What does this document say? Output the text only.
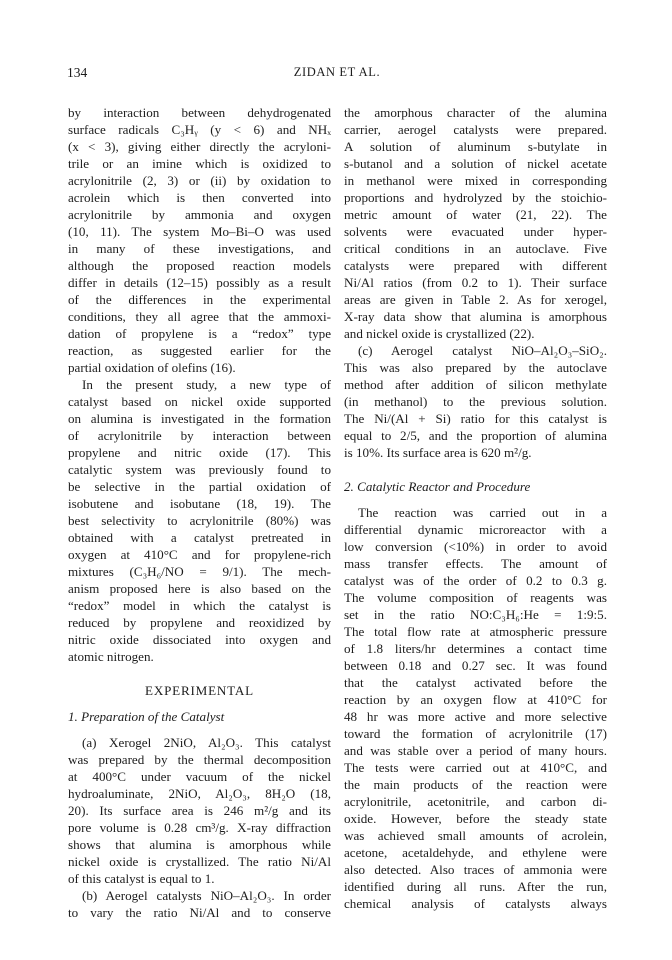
134	ZIDAN ET AL.
by interaction between dehydrogenated
surface radicals C₃Hᵧ (y < 6) and NHₓ
(x < 3), giving either directly the acryloni-
trile or an imine which is oxidized to
acrylonitrile (2, 3) or (ii) by oxidation to
acrolein which is then converted into
acrylonitrile by ammonia and oxygen
(10, 11). The system Mo–Bi–O was used
in many of these investigations, and
although the proposed reaction models
differ in details (12–15) possibly as a result
of the differences in the experimental
conditions, they all agree that the ammoxi-
dation of propylene is a “redox” type
reaction, as suggested earlier for the
partial oxidation of olefins (16).
In the present study, a new type of
catalyst based on nickel oxide supported
on alumina is investigated in the formation
of acrylonitrile by interaction between
propylene and nitric oxide (17). This
catalytic system was previously found to
be selective in the partial oxidation of
isobutene and isobutane (18, 19). The
best selectivity to acrylonitrile (80%) was
obtained with a catalyst pretreated in
oxygen at 410°C and for propylene-rich
mixtures (C₃H₆/NO = 9/1). The mech-
anism proposed here is also based on the
“redox” model in which the catalyst is
reduced by propylene and reoxidized by
nitric oxide dissociated into oxygen and
atomic nitrogen.
EXPERIMENTAL
1. Preparation of the Catalyst
(a) Xerogel 2NiO, Al₂O₃. This catalyst
was prepared by the thermal decomposition
at 400°C under vacuum of the nickel
hydroaluminate, 2NiO, Al₂O₃, 8H₂O (18,
20). Its surface area is 246 m²/g and its
pore volume is 0.28 cm³/g. X-ray diffraction
shows that alumina is amorphous while
nickel oxide is crystallized. The ratio Ni/Al
of this catalyst is equal to 1.
(b) Aerogel catalysts NiO–Al₂O₃. In order
to vary the ratio Ni/Al and to conserve
the amorphous character of the alumina
carrier, aerogel catalysts were prepared.
A solution of aluminum s-butylate in
s-butanol and a solution of nickel acetate
in methanol were mixed in corresponding
proportions and hydrolyzed by the stoichio-
metric amount of water (21, 22). The
solvents were evacuated under hyper-
critical conditions in an autoclave. Five
catalysts were prepared with different
Ni/Al ratios (from 0.2 to 1). Their surface
areas are given in Table 2. As for xerogel,
X-ray data show that alumina is amorphous
and nickel oxide is crystallized (22).
(c) Aerogel catalyst NiO–Al₂O₃–SiO₂.
This was also prepared by the autoclave
method after addition of silicon methylate
(in methanol) to the previous solution.
The Ni/(Al + Si) ratio for this catalyst is
equal to 2/5, and the proportion of alumina
is 10%. Its surface area is 620 m²/g.
2. Catalytic Reactor and Procedure
The reaction was carried out in a
differential dynamic microreactor with a
low conversion (<10%) in order to avoid
mass transfer effects. The amount of
catalyst was of the order of 0.2 to 0.3 g.
The volume composition of reagents was
set in the ratio NO:C₃H₆:He = 1:9:5.
The total flow rate at atmospheric pressure
of 1.8 liters/hr determines a contact time
between 0.18 and 0.27 sec. It was found
that the catalyst activated before the
reaction by an oxygen flow at 410°C for
48 hr was more active and more selective
toward the formation of acrylonitrile (17)
and was stable over a period of many hours.
The tests were carried out at 410°C, and
the main products of the reaction were
acrylonitrile, acetonitrile, and carbon di-
oxide. However, before the steady state
was achieved small amounts of acrolein,
acetone, acetaldehyde, and ethylene were
also detected. Also traces of ammonia were
identified during all runs. After the run,
chemical analysis of catalysts always
